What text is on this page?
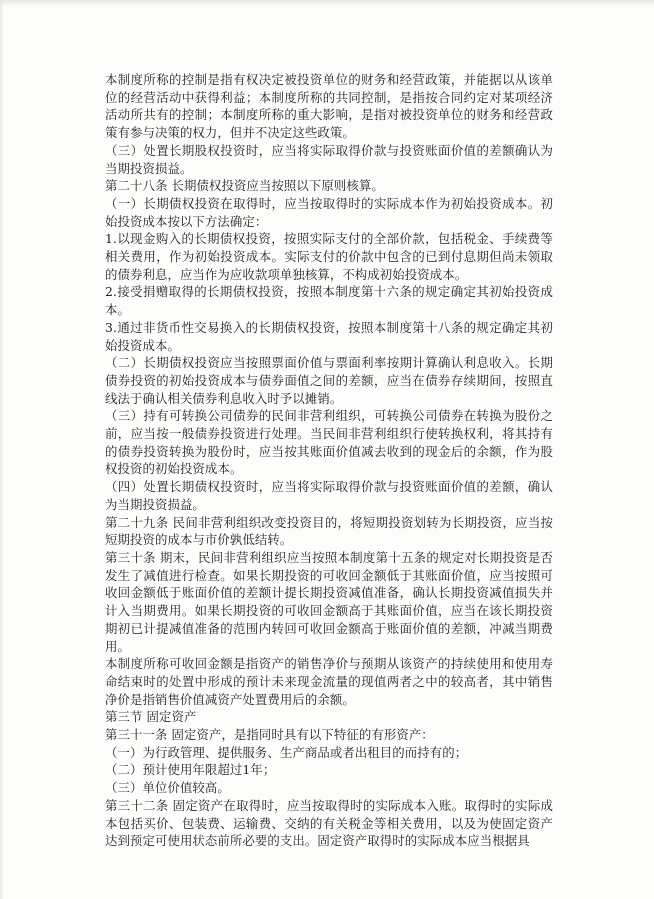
本制度所称的控制是指有权决定被投资单位的财务和经营政策，并能据以从该单位的经营活动中获得利益；本制度所称的共同控制，是指按合同约定对某项经济活动所共有的控制；本制度所称的重大影响，是指对被投资单位的财务和经营政策有参与决策的权力，但并不决定这些政策。

（三）处置长期股权投资时，应当将实际取得价款与投资账面价值的差额确认为当期投资损益。

第二十八条 长期债权投资应当按照以下原则核算。

（一）长期债权投资在取得时，应当按取得时的实际成本作为初始投资成本。初始投资成本按以下方法确定：

1.以现金购入的长期债权投资，按照实际支付的全部价款，包括税金、手续费等相关费用，作为初始投资成本。实际支付的价款中包含的已到付息期但尚未领取的债券利息，应当作为应收款项单独核算，不构成初始投资成本。

2.接受捐赠取得的长期债权投资，按照本制度第十六条的规定确定其初始投资成本。

3.通过非货币性交易换入的长期债权投资，按照本制度第十八条的规定确定其初始投资成本。

（二）长期债权投资应当按照票面价值与票面利率按期计算确认利息收入。长期债券投资的初始投资成本与债券面值之间的差额，应当在债券存续期间，按照直线法于确认相关债券利息收入时予以摊销。

（三）持有可转换公司债券的民间非营利组织，可转换公司债券在转换为股份之前，应当按一般债券投资进行处理。当民间非营利组织行使转换权利，将其持有的债券投资转换为股份时，应当按其账面价值减去收到的现金后的余额，作为股权投资的初始投资成本。

（四）处置长期债权投资时，应当将实际取得价款与投资账面价值的差额，确认为当期投资损益。

第二十九条 民间非营利组织改变投资目的，将短期投资划转为长期投资，应当按短期投资的成本与市价孰低结转。

第三十条 期末，民间非营利组织应当按照本制度第十五条的规定对长期投资是否发生了减值进行检查。如果长期投资的可收回金额低于其账面价值，应当按照可收回金额低于账面价值的差额计提长期投资减值准备，确认长期投资减值损失并计入当期费用。如果长期投资的可收回金额高于其账面价值，应当在该长期投资期初已计提减值准备的范围内转回可收回金额高于账面价值的差额，冲减当期费用。

本制度所称可收回金额是指资产的销售净价与预期从该资产的持续使用和使用寿命结束时的处置中形成的预计未来现金流量的现值两者之中的较高者，其中销售净价是指销售价值减资产处置费用后的余额。

第三节 固定资产

第三十一条 固定资产，是指同时具有以下特征的有形资产：

（一）为行政管理、提供服务、生产商品或者出租目的而持有的；

（二）预计使用年限超过1年；

（三）单位价值较高。

第三十二条 固定资产在取得时，应当按取得时的实际成本入账。取得时的实际成本包括买价、包装费、运输费、交纳的有关税金等相关费用，以及为使固定资产达到预定可使用状态前所必要的支出。固定资产取得时的实际成本应当根据具
